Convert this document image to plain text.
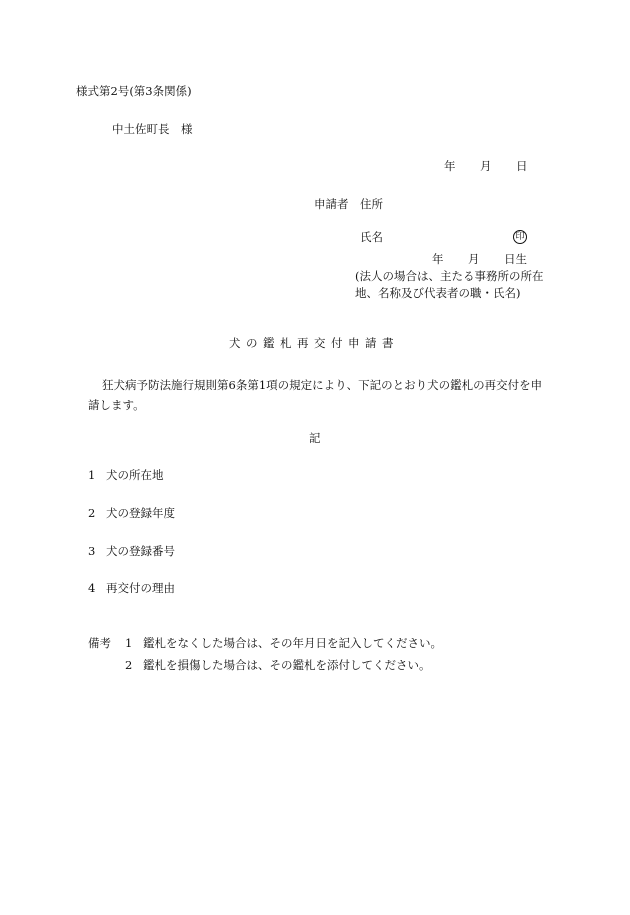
様式第2号(第3条関係)
中土佐町長　様
年 月 日
申請者　住所
氏名	印
年 月 日生
(法人の場合は、主たる事務所の所在地、名称及び代表者の職・氏名)
犬の鑑札再交付申請書
狂犬病予防法施行規則第6条第1項の規定により、下記のとおり犬の鑑札の再交付を申請します。
記
1 犬の所在地
2 犬の登録年度
3 犬の登録番号
4 再交付の理由
備考 1 鑑札をなくした場合は、その年月日を記入してください。
2 鑑札を損傷した場合は、その鑑札を添付してください。
